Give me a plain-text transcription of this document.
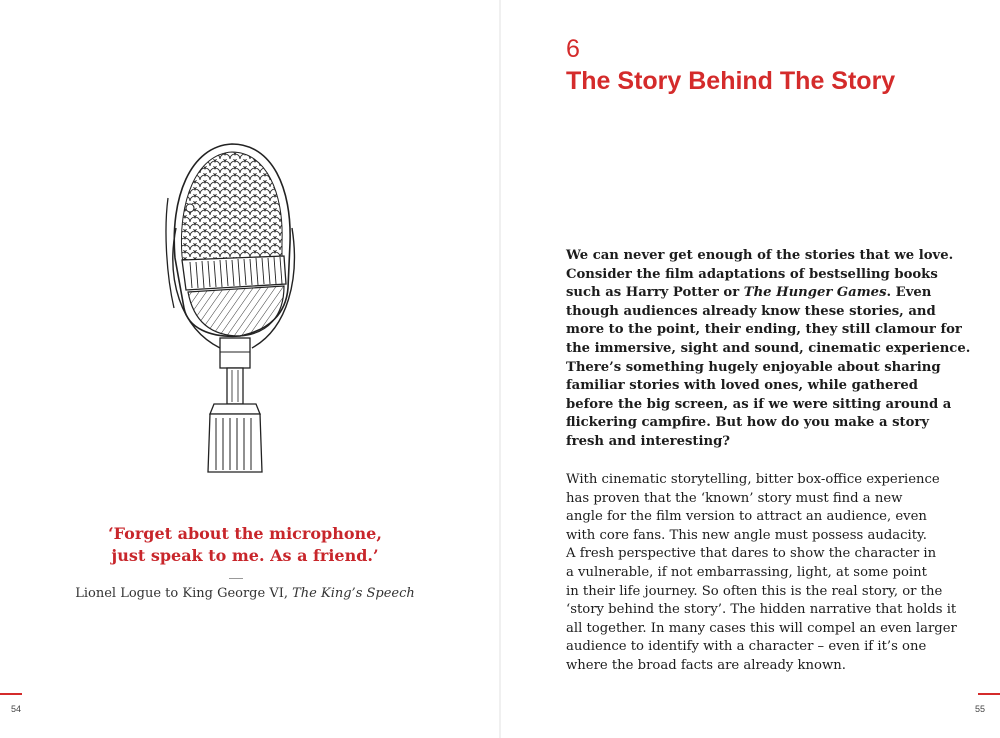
‘Forget about the microphone,
just speak to me. As a friend.’
Lionel Logue to King George VI, The King’s Speech
54
6
The Story Behind The Story
We can never get enough of the stories that we love.
Consider the film adaptations of bestselling books
such as Harry Potter or The Hunger Games. Even
though audiences already know these stories, and
more to the point, their ending, they still clamour for
the immersive, sight and sound, cinematic experience.
There’s something hugely enjoyable about sharing
familiar stories with loved ones, while gathered
before the big screen, as if we were sitting around a
flickering campfire. But how do you make a story
fresh and interesting?
With cinematic storytelling, bitter box-office experience
has proven that the ‘known’ story must find a new
angle for the film version to attract an audience, even
with core fans. This new angle must possess audacity.
A fresh perspective that dares to show the character in
a vulnerable, if not embarrassing, light, at some point
in their life journey. So often this is the real story, or the
‘story behind the story’. The hidden narrative that holds it
all together. In many cases this will compel an even larger
audience to identify with a character – even if it’s one
where the broad facts are already known.
55
